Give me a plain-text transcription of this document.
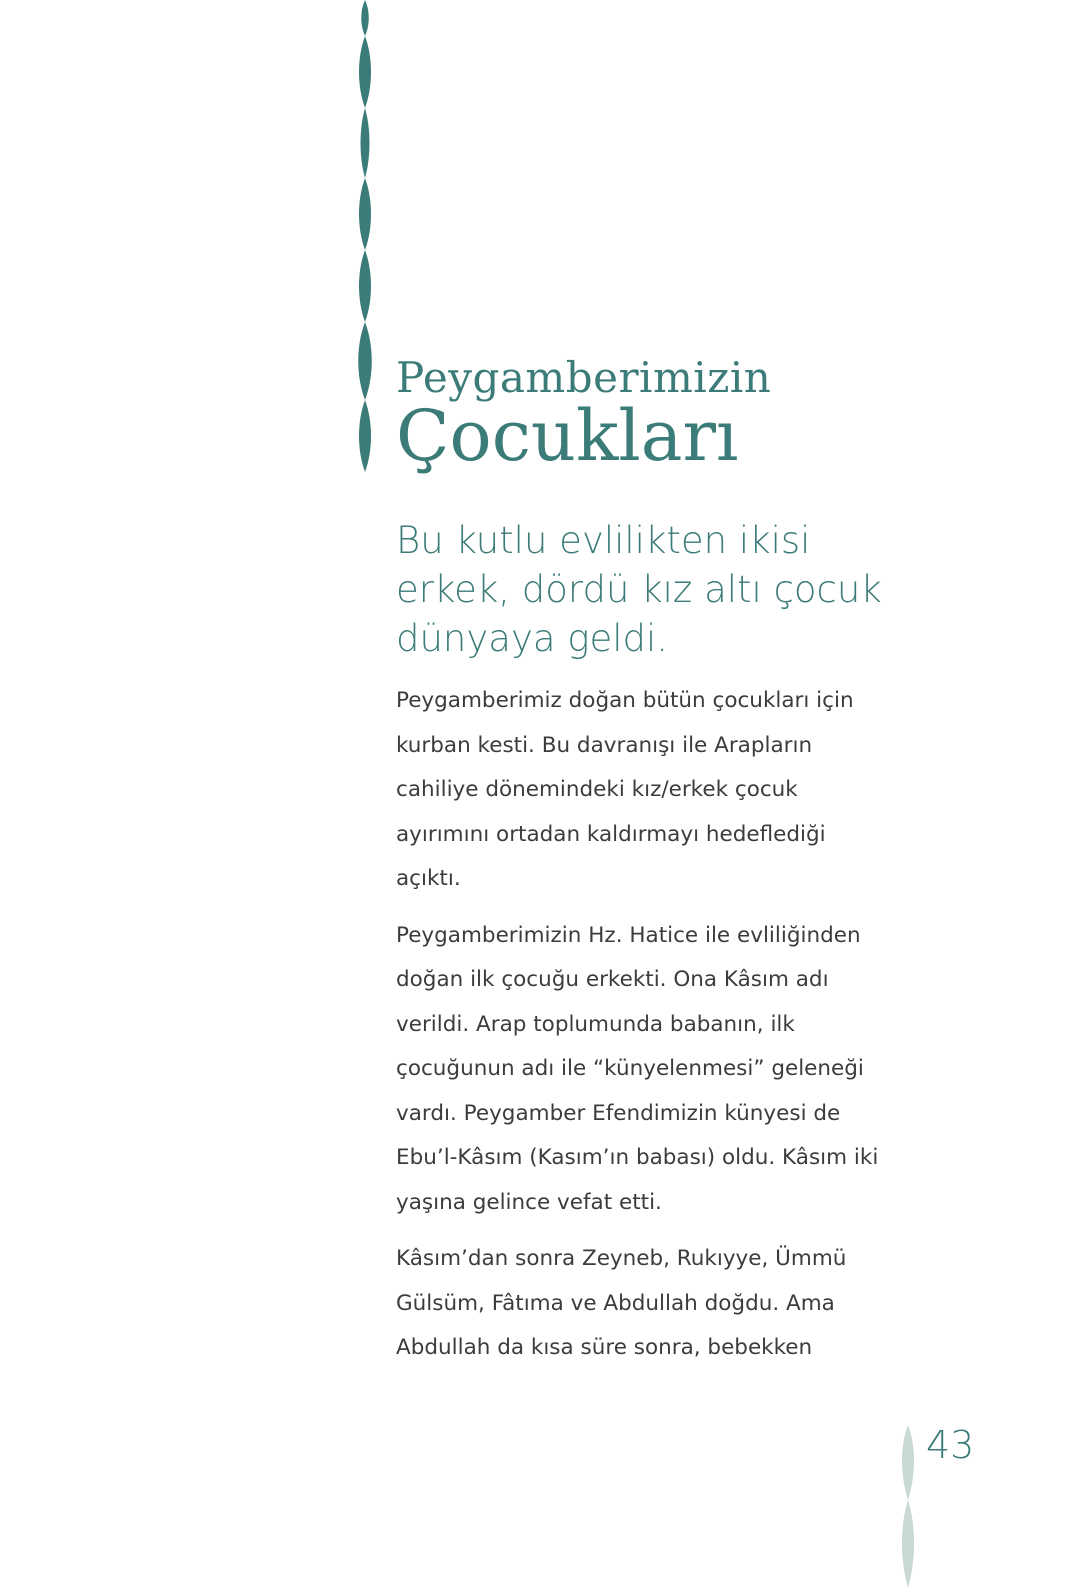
Peygamberimizin
Çocukları

Bu kutlu evlilikten ikisi erkek, dördü kız altı çocuk dünyaya geldi.

Peygamberimiz doğan bütün çocukları için kurban kesti. Bu davranışı ile Arapların cahiliye dönemindeki kız/erkek çocuk ayırımını ortadan kaldırmayı hedeflediği açıktı.

Peygamberimizin Hz. Hatice ile evliliğinden doğan ilk çocuğu erkekti. Ona Kâsım adı verildi. Arap toplumunda babanın, ilk çocuğunun adı ile “künyelenmesi” geleneği vardı. Peygamber Efendimizin künyesi de Ebu’l-Kâsım (Kasım’ın babası) oldu. Kâsım iki yaşına gelince vefat etti.

Kâsım’dan sonra Zeyneb, Rukıyye, Ümmü Gülsüm, Fâtıma ve Abdullah doğdu. Ama Abdullah da kısa süre sonra, bebekken

43
